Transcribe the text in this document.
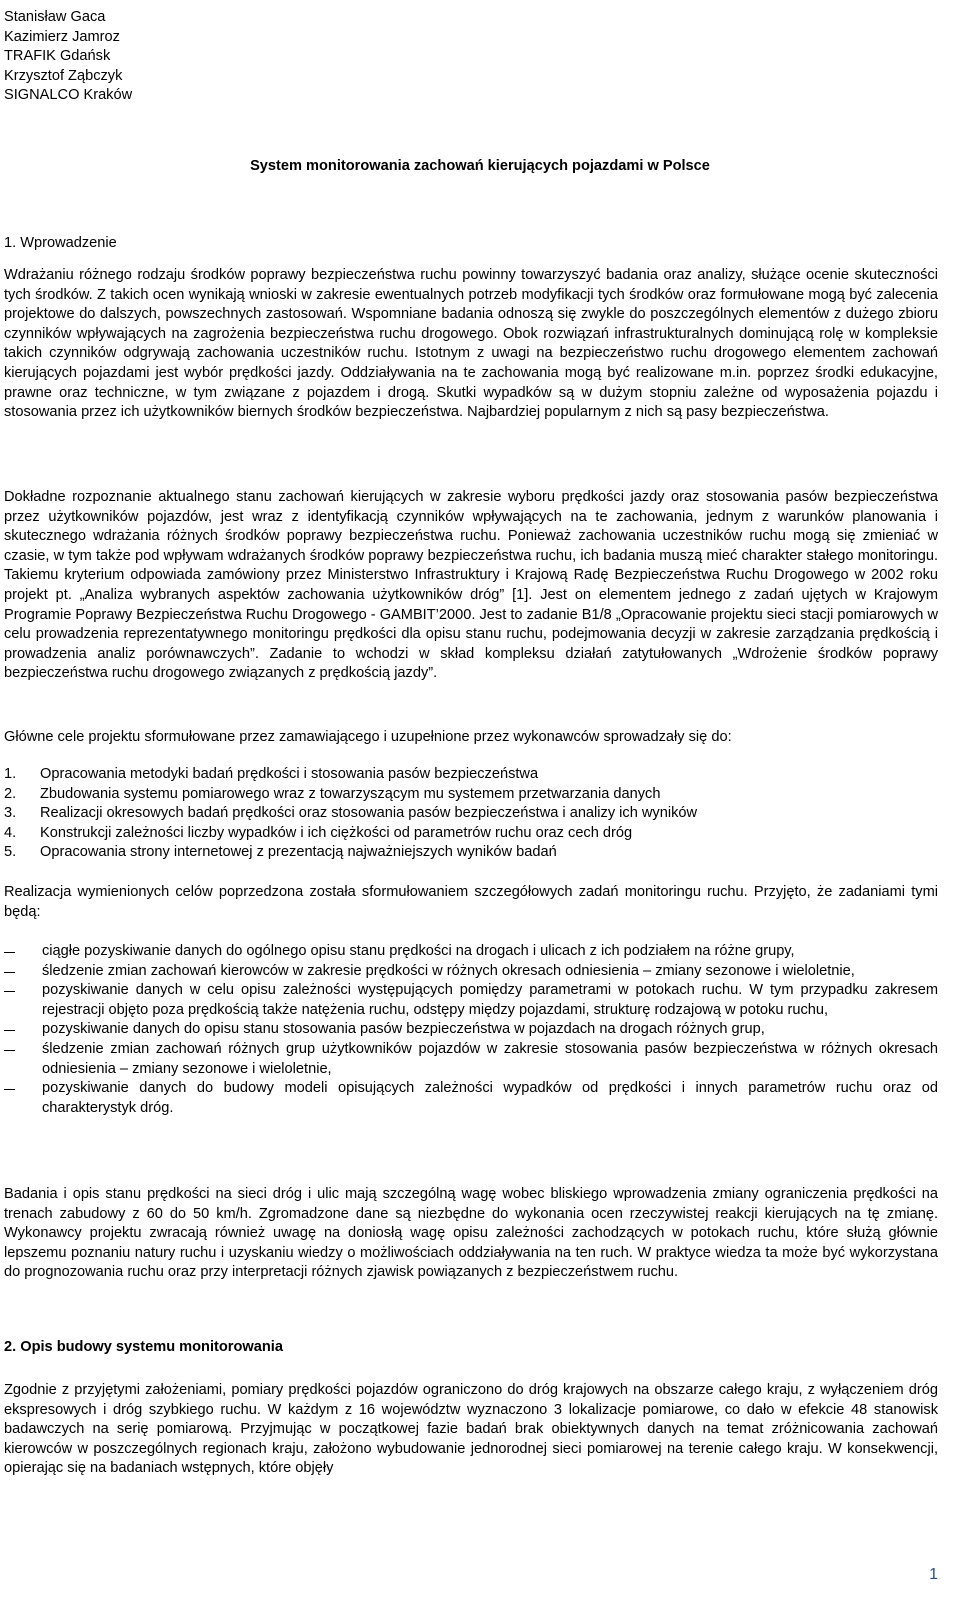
Stanisław Gaca
Kazimierz Jamroz
TRAFIK Gdańsk
Krzysztof Ząbczyk
SIGNALCO Kraków
System monitorowania zachowań kierujących pojazdami w Polsce
1. Wprowadzenie

Wdrażaniu różnego rodzaju środków poprawy bezpieczeństwa ruchu powinny towarzyszyć badania oraz analizy, służące ocenie skuteczności tych środków. Z takich ocen wynikają wnioski w zakresie ewentualnych potrzeb modyfikacji tych środków oraz formułowane mogą być zalecenia projektowe do dalszych, powszechnych zastosowań. Wspomniane badania odnoszą się zwykle do poszczególnych elementów z dużego zbioru czynników wpływających na zagrożenia bezpieczeństwa ruchu drogowego. Obok rozwiązań infrastrukturalnych dominującą rolę w kompleksie takich czynników odgrywają zachowania uczestników ruchu. Istotnym z uwagi na bezpieczeństwo ruchu drogowego elementem zachowań kierujących pojazdami jest wybór prędkości jazdy. Oddziaływania na te zachowania mogą być realizowane m.in. poprzez środki edukacyjne, prawne oraz techniczne, w tym związane z pojazdem i drogą. Skutki wypadków są w dużym stopniu zależne od wyposażenia pojazdu i stosowania przez ich użytkowników biernych środków bezpieczeństwa. Najbardziej popularnym z nich są pasy bezpieczeństwa.

Dokładne rozpoznanie aktualnego stanu zachowań kierujących w zakresie wyboru prędkości jazdy oraz stosowania pasów bezpieczeństwa przez użytkowników pojazdów, jest wraz z identyfikacją czynników wpływających na te zachowania, jednym z warunków planowania i skutecznego wdrażania różnych środków poprawy bezpieczeństwa ruchu. Ponieważ zachowania uczestników ruchu mogą się zmieniać w czasie, w tym także pod wpływam wdrażanych środków poprawy bezpieczeństwa ruchu, ich badania muszą mieć charakter stałego monitoringu. Takiemu kryterium odpowiada zamówiony przez Ministerstwo Infrastruktury i Krajową Radę Bezpieczeństwa Ruchu Drogowego w 2002 roku projekt pt. „Analiza wybranych aspektów zachowania użytkowników dróg” [1]. Jest on elementem jednego z zadań ujętych w Krajowym Programie Poprawy Bezpieczeństwa Ruchu Drogowego - GAMBIT’2000. Jest to zadanie B1/8 „Opracowanie projektu sieci stacji pomiarowych w celu prowadzenia reprezentatywnego monitoringu prędkości dla opisu stanu ruchu, podejmowania decyzji w zakresie zarządzania prędkością i prowadzenia analiz porównawczych”. Zadanie to wchodzi w skład kompleksu działań zatytułowanych „Wdrożenie środków poprawy bezpieczeństwa ruchu drogowego związanych z prędkością jazdy”.

Główne cele projektu sformułowane przez zamawiającego i uzupełnione przez wykonawców sprowadzały się do:

1.	Opracowania metodyki badań prędkości i stosowania pasów bezpieczeństwa
2.	Zbudowania systemu pomiarowego wraz z towarzyszącym mu systemem przetwarzania danych
3.	Realizacji okresowych badań prędkości oraz stosowania pasów bezpieczeństwa i analizy ich wyników
4.	Konstrukcji zależności liczby wypadków i ich ciężkości od parametrów ruchu oraz cech dróg
5.	Opracowania strony internetowej z prezentacją najważniejszych wyników badań

Realizacja wymienionych celów poprzedzona została sformułowaniem szczegółowych zadań monitoringu ruchu. Przyjęto, że zadaniami tymi będą:

ciągłe pozyskiwanie danych do ogólnego opisu stanu prędkości na drogach i ulicach z ich podziałem na różne grupy,
śledzenie zmian zachowań kierowców w zakresie prędkości w różnych okresach odniesienia – zmiany sezonowe i wieloletnie,
pozyskiwanie danych w celu opisu zależności występujących pomiędzy parametrami w potokach ruchu. W tym przypadku zakresem rejestracji objęto poza prędkością także natężenia ruchu, odstępy między pojazdami, strukturę rodzajową w potoku ruchu,
pozyskiwanie danych do opisu stanu stosowania pasów bezpieczeństwa w pojazdach na drogach różnych grup,
śledzenie zmian zachowań różnych grup użytkowników pojazdów w zakresie stosowania pasów bezpieczeństwa w różnych okresach odniesienia – zmiany sezonowe i wieloletnie,
pozyskiwanie danych do budowy modeli opisujących zależności wypadków od prędkości i innych parametrów ruchu oraz od charakterystyk dróg.

Badania i opis stanu prędkości na sieci dróg i ulic mają szczególną wagę wobec bliskiego wprowadzenia zmiany ograniczenia prędkości na trenach zabudowy z 60 do 50 km/h. Zgromadzone dane są niezbędne do wykonania ocen rzeczywistej reakcji kierujących na tę zmianę. Wykonawcy projektu zwracają również uwagę na doniosłą wagę opisu zależności zachodzących w potokach ruchu, które służą głównie lepszemu poznaniu natury ruchu i uzyskaniu wiedzy o możliwościach oddziaływania na ten ruch. W praktyce wiedza ta może być wykorzystana do prognozowania ruchu oraz przy interpretacji różnych zjawisk powiązanych z bezpieczeństwem ruchu.

2. Opis budowy systemu monitorowania

Zgodnie z przyjętymi założeniami, pomiary prędkości pojazdów ograniczono do dróg krajowych na obszarze całego kraju, z wyłączeniem dróg ekspresowych i dróg szybkiego ruchu. W każdym z 16 województw wyznaczono 3 lokalizacje pomiarowe, co dało w efekcie 48 stanowisk badawczych na serię pomiarową. Przyjmując w początkowej fazie badań brak obiektywnych danych na temat zróżnicowania zachowań kierowców w poszczególnych regionach kraju, założono wybudowanie jednorodnej sieci pomiarowej na terenie całego kraju. W konsekwencji, opierając się na badaniach wstępnych, które objęły

1
